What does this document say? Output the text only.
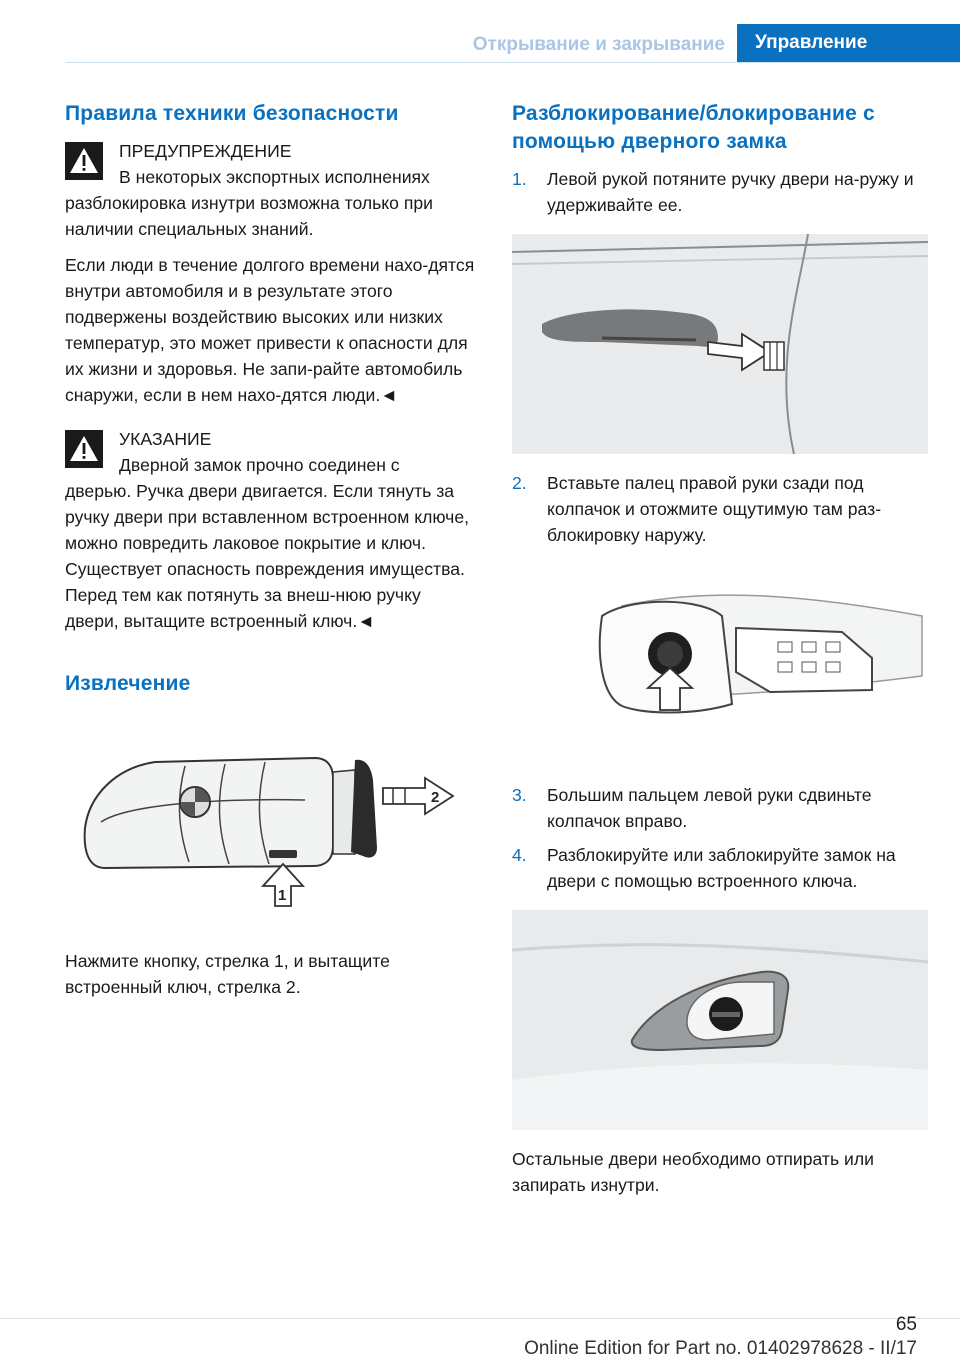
Открывание и закрывание	Управление
Правила техники безопасности
ПРЕДУПРЕЖДЕНИЕ
В некоторых экспортных исполнениях
разблокировка изнутри возможна только при наличии специальных знаний.
Если люди в течение долгого времени нахо-дятся внутри автомобиля и в результате этого подвержены воздействию высоких или низких температур, это может привести к опасности для их жизни и здоровья. Не запи-райте автомобиль снаружи, если в нем нахо-дятся люди.◄
УКАЗАНИЕ
Дверной замок прочно соединен с
дверью. Ручка двери двигается. Если тянуть за ручку двери при вставленном встроенном ключе, можно повредить лаковое покрытие и ключ. Существует опасность повреждения имущества. Перед тем как потянуть за внеш-нюю ручку двери, вытащите встроенный ключ.◄
Извлечение
2
1

Нажмите кнопку, стрелка 1, и вытащите встроенный ключ, стрелка 2.

Разблокирование/блокирование с помощью дверного замка
1. Левой рукой потяните ручку двери на-ружу и удерживайте ее.
2. Вставьте палец правой руки сзади под колпачок и отожмите ощутимую там раз-блокировку наружу.
3. Большим пальцем левой руки сдвиньте колпачок вправо.
4. Разблокируйте или заблокируйте замок на двери с помощью встроенного ключа.

Остальные двери необходимо отпирать или запирать изнутри.

65
Online Edition for Part no. 01402978628 - II/17
